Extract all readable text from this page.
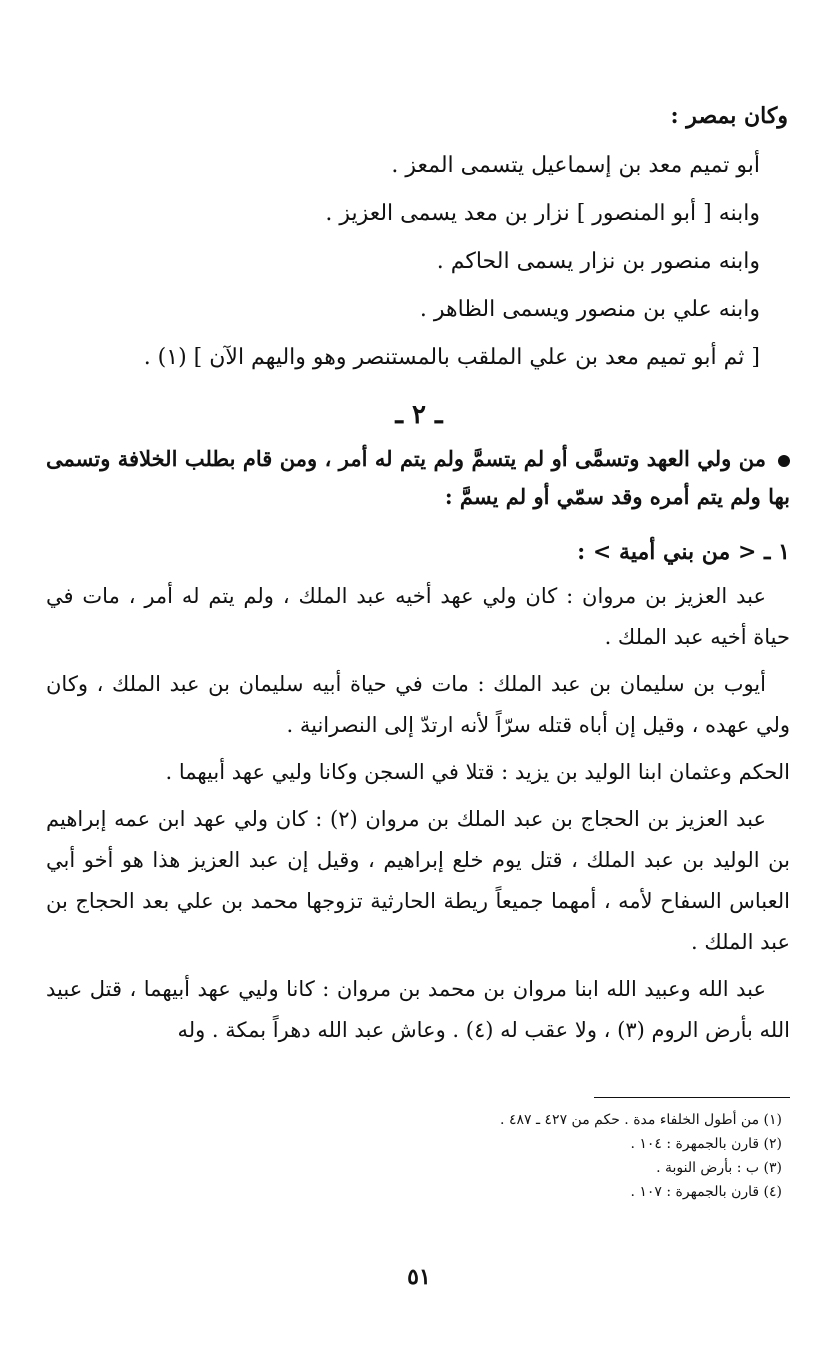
وكان بمصر :
أبو تميم معد بن إسماعيل يتسمى المعز .
وابنه [ أبو المنصور ] نزار بن معد يسمى العزيز .
وابنه منصور بن نزار يسمى الحاكم .
وابنه علي بن منصور ويسمى الظاهر .
[ ثم أبو تميم معد بن علي الملقب بالمستنصر وهو واليهم الآن ] (١) .
ـ ٢ ـ
من ولي العهد وتسمَّى أو لم يتسمَّ ولم يتم له أمر ، ومن قام بطلب الخلافة وتسمى بها ولم يتم أمره وقد سمّي أو لم يسمَّ :
١ ـ < من بني أمية > :

عبد العزيز بن مروان : كان ولي عهد أخيه عبد الملك ، ولم يتم له أمر ، مات في حياة أخيه عبد الملك .

أيوب بن سليمان بن عبد الملك : مات في حياة أبيه سليمان بن عبد الملك ، وكان ولي عهده ، وقيل إن أباه قتله سرّاً لأنه ارتدّ إلى النصرانية .

الحكم وعثمان ابنا الوليد بن يزيد : قتلا في السجن وكانا وليي عهد أبيهما .

عبد العزيز بن الحجاج بن عبد الملك بن مروان (٢) : كان ولي عهد ابن عمه إبراهيم بن الوليد بن عبد الملك ، قتل يوم خلع إبراهيم ، وقيل إن عبد العزيز هذا هو أخو أبي العباس السفاح لأمه ، أمهما جميعاً ريطة الحارثية تزوجها محمد بن علي بعد الحجاج بن عبد الملك .

عبد الله وعبيد الله ابنا مروان بن محمد بن مروان : كانا وليي عهد أبيهما ، قتل عبيد الله بأرض الروم (٣) ، ولا عقب له (٤) . وعاش عبد الله دهراً بمكة . وله

(١) من أطول الخلفاء مدة . حكم من ٤٢٧ ـ ٤٨٧ .
(٢) قارن بالجمهرة : ١٠٤ .
(٣) ب : بأرض النوبة .
(٤) قارن بالجمهرة : ١٠٧ .
٥١
